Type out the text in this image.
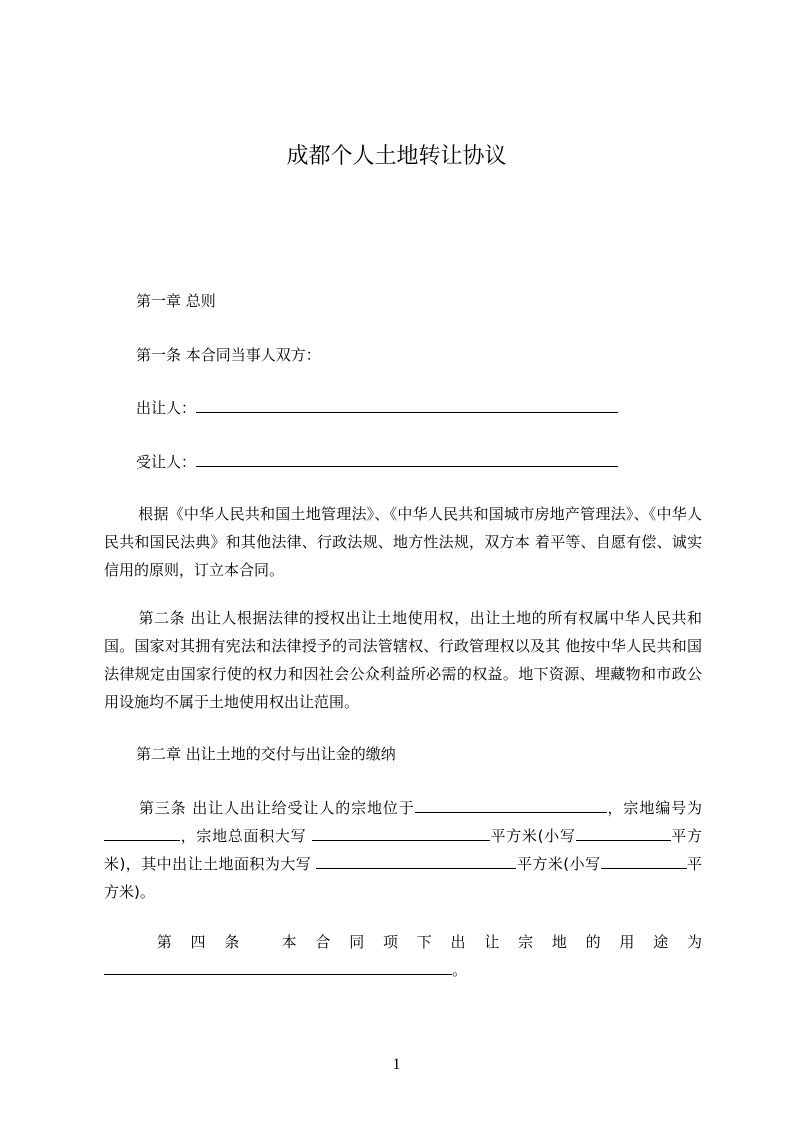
成都个人土地转让协议
第一章 总则
第一条 本合同当事人双方：
出让人：
受让人：

根据《中华人民共和国土地管理法》、《中华人民共和国城市房地产管理法》、《中华人民共和国民法典》和其他法律、行政法规、地方性法规，双方本 着平等、自愿有偿、诚实信用的原则，订立本合同。

第二条 出让人根据法律的授权出让土地使用权，出让土地的所有权属中华人民共和国。国家对其拥有宪法和法律授予的司法管辖权、行政管理权以及其 他按中华人民共和国法律规定由国家行使的权力和因社会公众利益所必需的权益。地下资源、埋藏物和市政公用设施均不属于土地使用权出让范围。

第二章 出让土地的交付与出让金的缴纳

第三条 出让人出让给受让人的宗地位于	，宗地编号为，宗地总面积大写	平方米(小写	平方米)，其中出让土地面积为大写	平方米(小写	平方米)。

第四条 本合同项下出让宗地的用途为。

1
